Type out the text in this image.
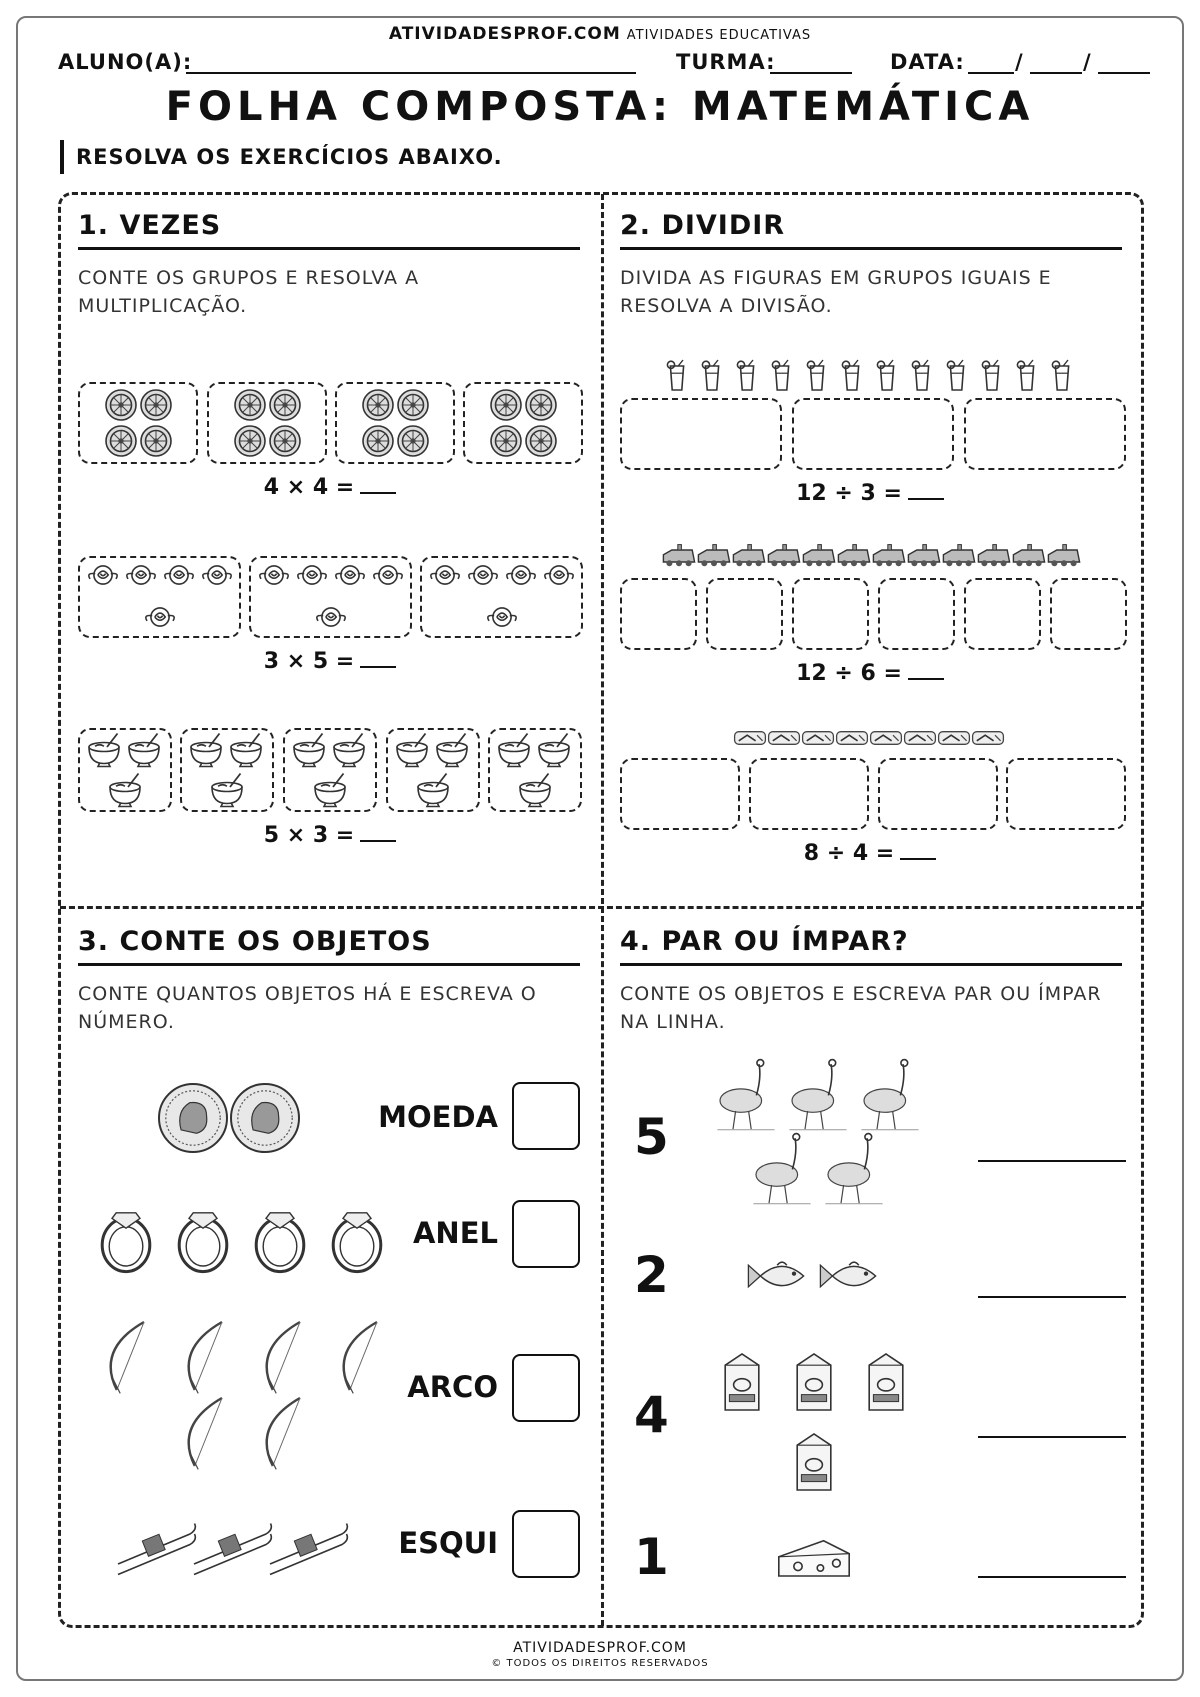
ATIVIDADESPROF.COM ATIVIDADES EDUCATIVAS
ALUNO(A):	TURMA:	DATA: /	/
FOLHA COMPOSTA: MATEMÁTICA
RESOLVA OS EXERCÍCIOS ABAIXO.
1. VEZES
CONTE OS GRUPOS E RESOLVA A
MULTIPLICAÇÃO.
4 × 4 =
3 × 5 =
5 × 3 =
2. DIVIDIR
DIVIDA AS FIGURAS EM GRUPOS IGUAIS E
RESOLVA A DIVISÃO.
12 ÷ 3 =
12 ÷ 6 =
8 ÷ 4 =
3. CONTE OS OBJETOS
CONTE QUANTOS OBJETOS HÁ E ESCREVA O
NÚMERO.
MOEDA
ANEL
ARCO
ESQUI
4. PAR OU ÍMPAR?
CONTE OS OBJETOS E ESCREVA PAR OU ÍMPAR
NA LINHA.
5
2
4
1
ATIVIDADESPROF.COM
© TODOS OS DIREITOS RESERVADOS
